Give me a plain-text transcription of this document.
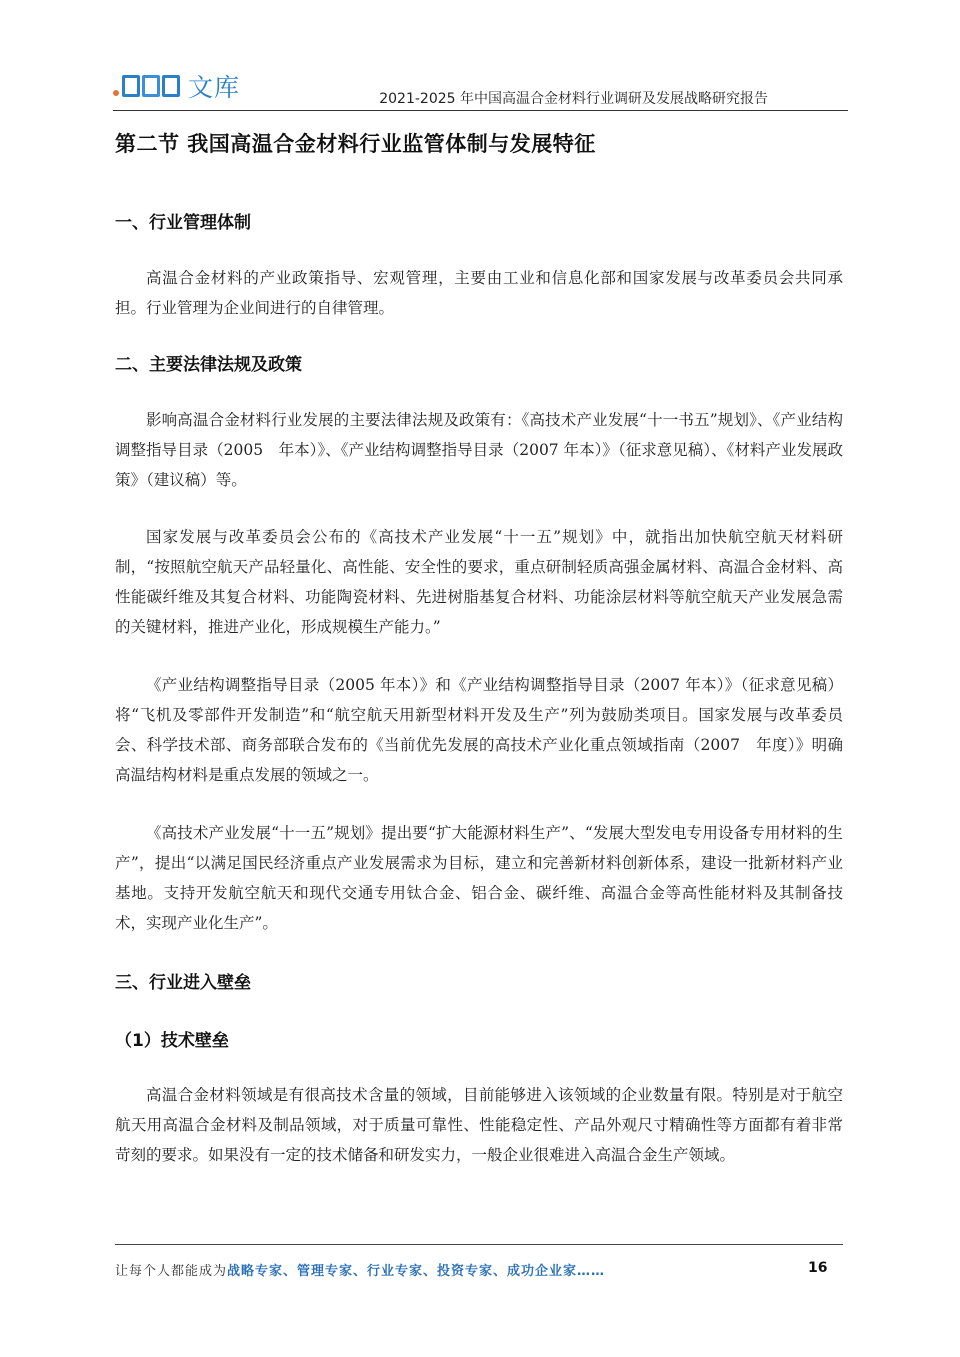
文库	2021-2025 年中国高温合金材料行业调研及发展战略研究报告
第二节 我国高温合金材料行业监管体制与发展特征
一、行业管理体制

高温合金材料的产业政策指导、宏观管理，主要由工业和信息化部和国家发展与改革委员会共同承担。行业管理为企业间进行的自律管理。

二、主要法律法规及政策

影响高温合金材料行业发展的主要法律法规及政策有：《高技术产业发展“十一书五”规划》、《产业结构调整指导目录（2005　年本）》、《产业结构调整指导目录（2007 年本）》（征求意见稿）、《材料产业发展政策》（建议稿）等。

国家发展与改革委员会公布的《高技术产业发展“十一五”规划》中，就指出加快航空航天材料研制，“按照航空航天产品轻量化、高性能、安全性的要求，重点研制轻质高强金属材料、高温合金材料、高性能碳纤维及其复合材料、功能陶瓷材料、先进树脂基复合材料、功能涂层材料等航空航天产业发展急需的关键材料，推进产业化，形成规模生产能力。”

《产业结构调整指导目录（2005 年本）》和《产业结构调整指导目录（2007 年本）》（征求意见稿）将“飞机及零部件开发制造”和“航空航天用新型材料开发及生产”列为鼓励类项目。国家发展与改革委员会、科学技术部、商务部联合发布的《当前优先发展的高技术产业化重点领域指南（2007　年度）》明确高温结构材料是重点发展的领域之一。

《高技术产业发展“十一五”规划》提出要“扩大能源材料生产”、“发展大型发电专用设备专用材料的生产”，提出“以满足国民经济重点产业发展需求为目标，建立和完善新材料创新体系，建设一批新材料产业基地。支持开发航空航天和现代交通专用钛合金、铝合金、碳纤维、高温合金等高性能材料及其制备技术，实现产业化生产”。

三、行业进入壁垒
（1）技术壁垒

高温合金材料领域是有很高技术含量的领域，目前能够进入该领域的企业数量有限。特别是对于航空航天用高温合金材料及制品领域，对于质量可靠性、性能稳定性、产品外观尺寸精确性等方面都有着非常苛刻的要求。如果没有一定的技术储备和研发实力，一般企业很难进入高温合金生产领域。

让每个人都能成为战略专家、管理专家、行业专家、投资专家、成功企业家……	16
